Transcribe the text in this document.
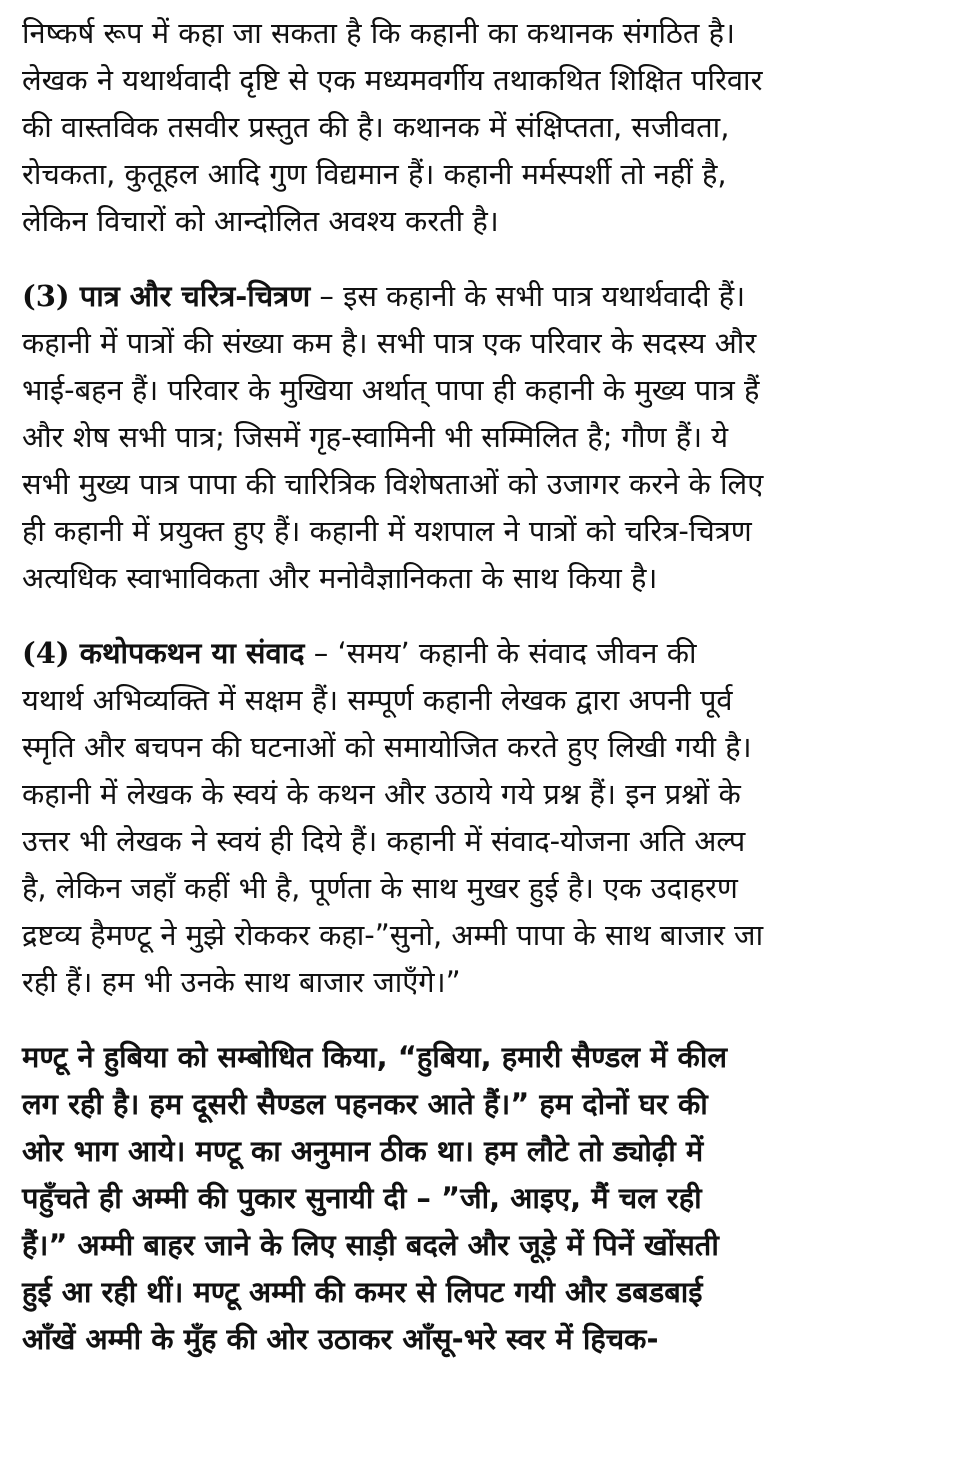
निष्कर्ष रूप में कहा जा सकता है कि कहानी का कथानक संगठित है।
लेखक ने यथार्थवादी दृष्टि से एक मध्यमवर्गीय तथाकथित शिक्षित परिवार
की वास्तविक तसवीर प्रस्तुत की है। कथानक में संक्षिप्तता, सजीवता,
रोचकता, कुतूहल आदि गुण विद्यमान हैं। कहानी मर्मस्पर्शी तो नहीं है,
लेकिन विचारों को आन्दोलित अवश्य करती है।
(3) पात्र और चरित्र-चित्रण – इस कहानी के सभी पात्र यथार्थवादी हैं।
कहानी में पात्रों की संख्या कम है। सभी पात्र एक परिवार के सदस्य और
भाई-बहन हैं। परिवार के मुखिया अर्थात् पापा ही कहानी के मुख्य पात्र हैं
और शेष सभी पात्र; जिसमें गृह-स्वामिनी भी सम्मिलित है; गौण हैं। ये
सभी मुख्य पात्र पापा की चारित्रिक विशेषताओं को उजागर करने के लिए
ही कहानी में प्रयुक्त हुए हैं। कहानी में यशपाल ने पात्रों को चरित्र-चित्रण
अत्यधिक स्वाभाविकता और मनोवैज्ञानिकता के साथ किया है।
(4) कथोपकथन या संवाद – ‘समय’ कहानी के संवाद जीवन की
यथार्थ अभिव्यक्ति में सक्षम हैं। सम्पूर्ण कहानी लेखक द्वारा अपनी पूर्व
स्मृति और बचपन की घटनाओं को समायोजित करते हुए लिखी गयी है।
कहानी में लेखक के स्वयं के कथन और उठाये गये प्रश्न हैं। इन प्रश्नों के
उत्तर भी लेखक ने स्वयं ही दिये हैं। कहानी में संवाद-योजना अति अल्प
है, लेकिन जहाँ कहीं भी है, पूर्णता के साथ मुखर हुई है। एक उदाहरण
द्रष्टव्य हैमण्टू ने मुझे रोककर कहा-”सुनो, अम्मी पापा के साथ बाजार जा
रही हैं। हम भी उनके साथ बाजार जाएँगे।”
मण्टू ने हुबिया को सम्बोधित किया, “हुबिया, हमारी सैण्डल में कील
लग रही है। हम दूसरी सैण्डल पहनकर आते हैं।” हम दोनों घर की
ओर भाग आये। मण्टू का अनुमान ठीक था। हम लौटे तो ड्योढ़ी में
पहुँचते ही अम्मी की पुकार सुनायी दी – ”जी, आइए, मैं चल रही
हैं।” अम्मी बाहर जाने के लिए साड़ी बदले और जूड़े में पिनें खोंसती
हुई आ रही थीं। मण्टू अम्मी की कमर से लिपट गयी और डबडबाई
आँखें अम्मी के मुँह की ओर उठाकर आँसू-भरे स्वर में हिचक-
